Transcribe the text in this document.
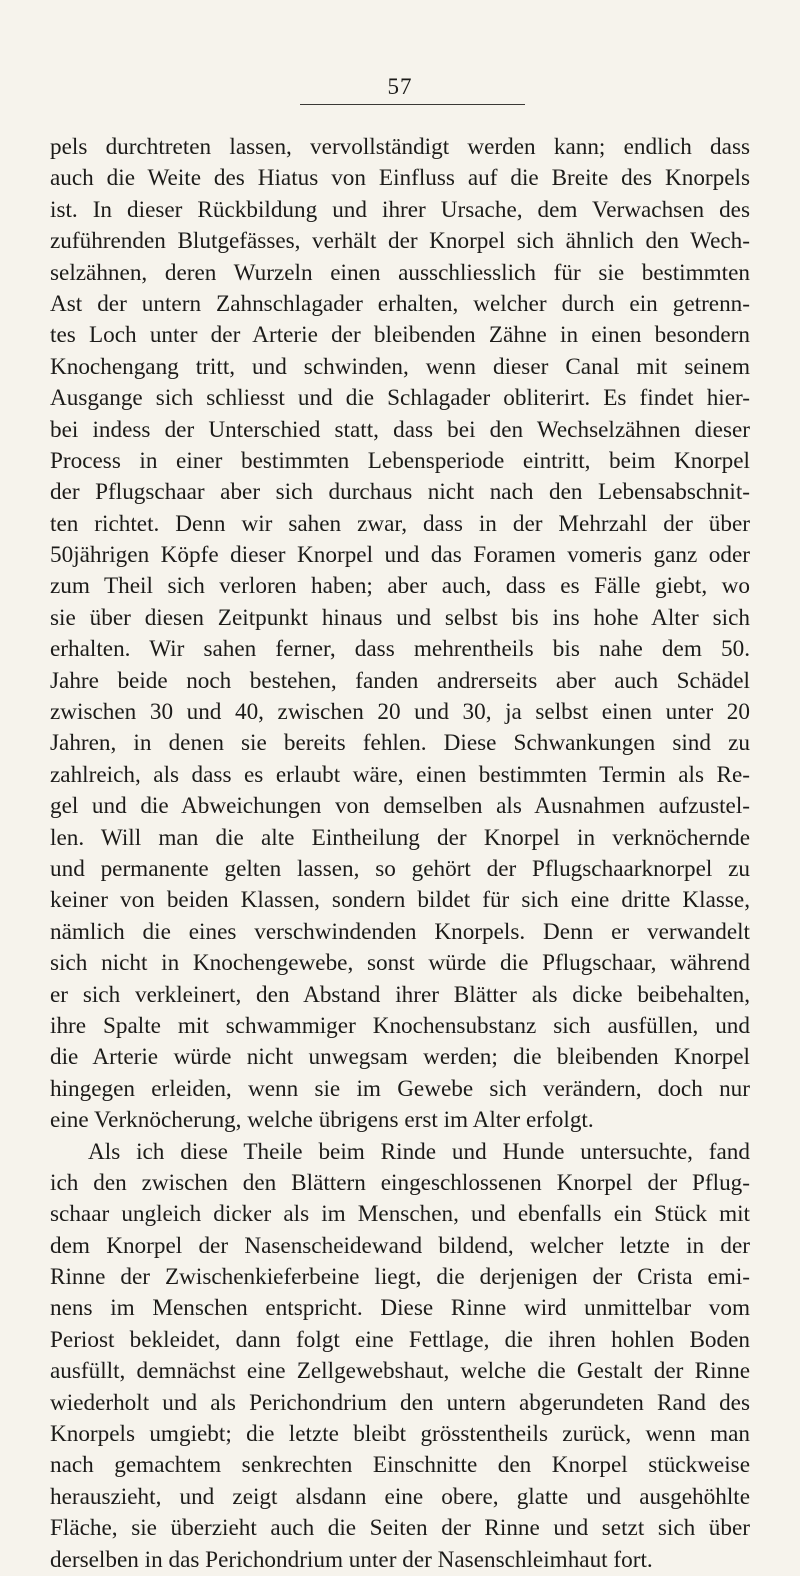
57
pels durchtreten lassen, vervollständigt werden kann; endlich dass
auch die Weite des Hiatus von Einfluss auf die Breite des Knorpels
ist. In dieser Rückbildung und ihrer Ursache, dem Verwachsen des
zuführenden Blutgefässes, verhält der Knorpel sich ähnlich den Wech-
selzähnen, deren Wurzeln einen ausschliesslich für sie bestimmten
Ast der untern Zahnschlagader erhalten, welcher durch ein getrenn-
tes Loch unter der Arterie der bleibenden Zähne in einen besondern
Knochengang tritt, und schwinden, wenn dieser Canal mit seinem
Ausgange sich schliesst und die Schlagader obliterirt. Es findet hier-
bei indess der Unterschied statt, dass bei den Wechselzähnen dieser
Process in einer bestimmten Lebensperiode eintritt, beim Knorpel
der Pflugschaar aber sich durchaus nicht nach den Lebensabschnit-
ten richtet. Denn wir sahen zwar, dass in der Mehrzahl der über
50jährigen Köpfe dieser Knorpel und das Foramen vomeris ganz oder
zum Theil sich verloren haben; aber auch, dass es Fälle giebt, wo
sie über diesen Zeitpunkt hinaus und selbst bis ins hohe Alter sich
erhalten. Wir sahen ferner, dass mehrentheils bis nahe dem 50.
Jahre beide noch bestehen, fanden andrerseits aber auch Schädel
zwischen 30 und 40, zwischen 20 und 30, ja selbst einen unter 20
Jahren, in denen sie bereits fehlen. Diese Schwankungen sind zu
zahlreich, als dass es erlaubt wäre, einen bestimmten Termin als Re-
gel und die Abweichungen von demselben als Ausnahmen aufzustel-
len. Will man die alte Eintheilung der Knorpel in verknöchernde
und permanente gelten lassen, so gehört der Pflugschaarknorpel zu
keiner von beiden Klassen, sondern bildet für sich eine dritte Klasse,
nämlich die eines verschwindenden Knorpels. Denn er verwandelt
sich nicht in Knochengewebe, sonst würde die Pflugschaar, während
er sich verkleinert, den Abstand ihrer Blätter als dicke beibehalten,
ihre Spalte mit schwammiger Knochensubstanz sich ausfüllen, und
die Arterie würde nicht unwegsam werden; die bleibenden Knorpel
hingegen erleiden, wenn sie im Gewebe sich verändern, doch nur
eine Verknöcherung, welche übrigens erst im Alter erfolgt.
Als ich diese Theile beim Rinde und Hunde untersuchte, fand
ich den zwischen den Blättern eingeschlossenen Knorpel der Pflug-
schaar ungleich dicker als im Menschen, und ebenfalls ein Stück mit
dem Knorpel der Nasenscheidewand bildend, welcher letzte in der
Rinne der Zwischenkieferbeine liegt, die derjenigen der Crista emi-
nens im Menschen entspricht. Diese Rinne wird unmittelbar vom
Periost bekleidet, dann folgt eine Fettlage, die ihren hohlen Boden
ausfüllt, demnächst eine Zellgewebshaut, welche die Gestalt der Rinne
wiederholt und als Perichondrium den untern abgerundeten Rand des
Knorpels umgiebt; die letzte bleibt grösstentheils zurück, wenn man
nach gemachtem senkrechten Einschnitte den Knorpel stückweise
herauszieht, und zeigt alsdann eine obere, glatte und ausgehöhlte
Fläche, sie überzieht auch die Seiten der Rinne und setzt sich über
derselben in das Perichondrium unter der Nasenschleimhaut fort.
